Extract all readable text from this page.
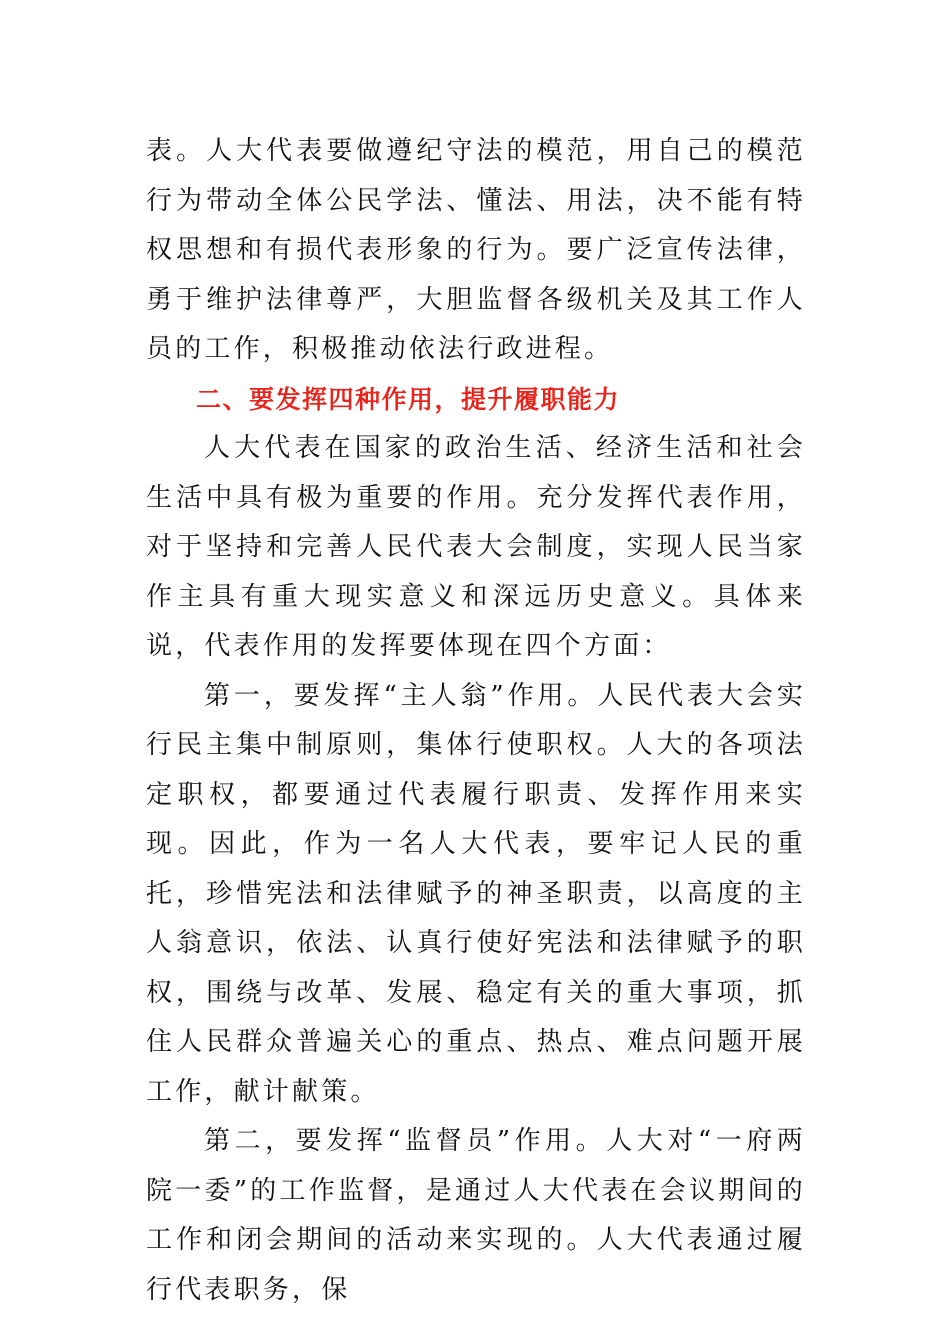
表。人大代表要做遵纪守法的模范，用自己的模范行为带动全体公民学法、懂法、用法，决不能有特权思想和有损代表形象的行为。要广泛宣传法律，勇于维护法律尊严，大胆监督各级机关及其工作人员的工作，积极推动依法行政进程。

二、要发挥四种作用，提升履职能力

人大代表在国家的政治生活、经济生活和社会生活中具有极为重要的作用。充分发挥代表作用，对于坚持和完善人民代表大会制度，实现人民当家作主具有重大现实意义和深远历史意义。具体来说，代表作用的发挥要体现在四个方面：

第一，要发挥“主人翁”作用。人民代表大会实行民主集中制原则，集体行使职权。人大的各项法定职权，都要通过代表履行职责、发挥作用来实现。因此，作为一名人大代表，要牢记人民的重托，珍惜宪法和法律赋予的神圣职责，以高度的主人翁意识，依法、认真行使好宪法和法律赋予的职权，围绕与改革、发展、稳定有关的重大事项，抓住人民群众普遍关心的重点、热点、难点问题开展工作，献计献策。

第二，要发挥“监督员”作用。人大对“一府两院一委”的工作监督，是通过人大代表在会议期间的工作和闭会期间的活动来实现的。人大代表通过履行代表职务，保
